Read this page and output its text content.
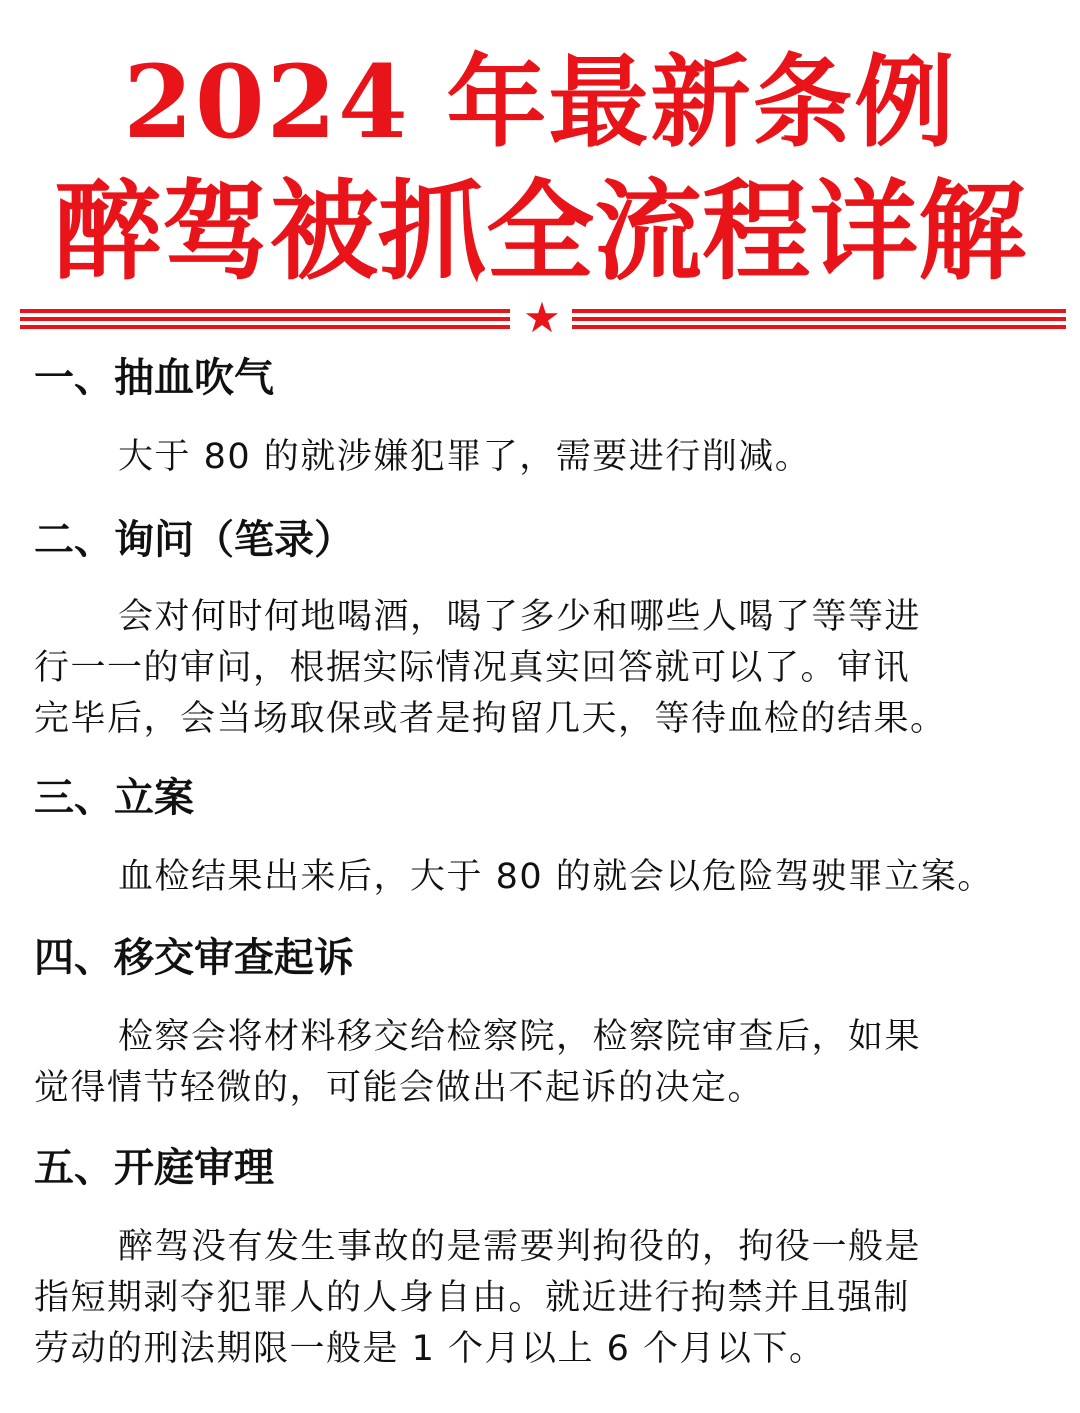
2024 年最新条例
醉驾被抓全流程详解
★
一、抽血吹气
大于 80 的就涉嫌犯罪了，需要进行削减。
二、询问（笔录）
会对何时何地喝酒，喝了多少和哪些人喝了等等进
行一一的审问，根据实际情况真实回答就可以了。审讯
完毕后，会当场取保或者是拘留几天，等待血检的结果。
三、立案
血检结果出来后，大于 80 的就会以危险驾驶罪立案。
四、移交审查起诉
检察会将材料移交给检察院，检察院审查后，如果
觉得情节轻微的，可能会做出不起诉的决定。
五、开庭审理
醉驾没有发生事故的是需要判拘役的，拘役一般是
指短期剥夺犯罪人的人身自由。就近进行拘禁并且强制
劳动的刑法期限一般是 1 个月以上 6 个月以下。
